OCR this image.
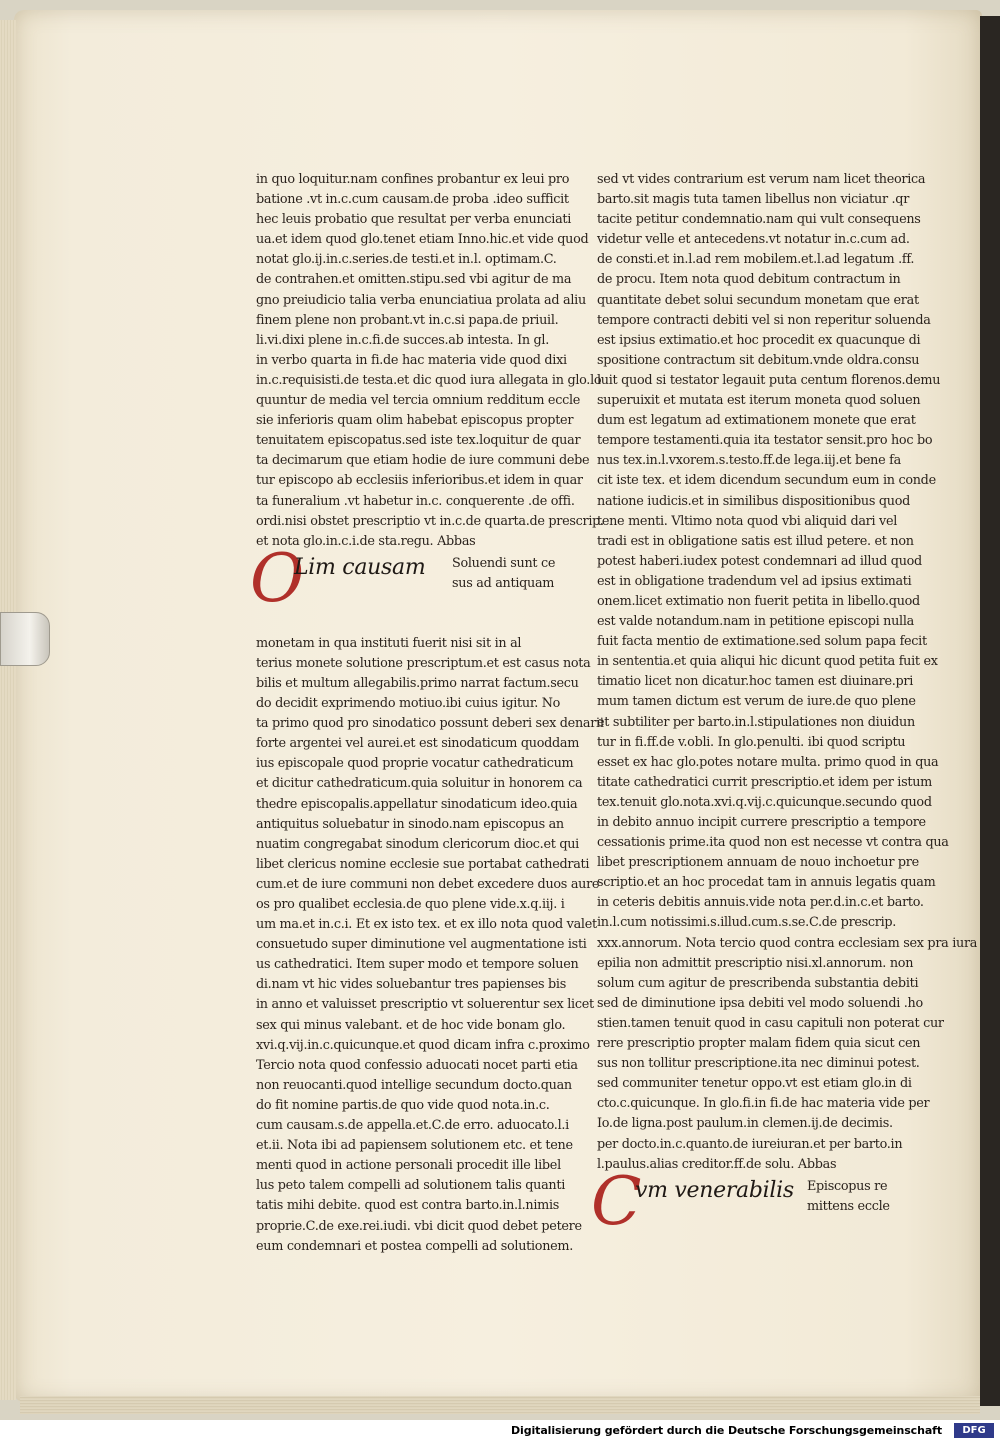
in quo loquitur.nam confines probantur ex leui pro
batione .vt in.c.cum causam.de proba .ideo sufficit
hec leuis probatio que resultat per verba enunciati
ua.et idem quod glo.tenet etiam Inno.hic.et vide quod
notat glo.ij.in.c.series.de testi.et in.l. optimam.C.
de contrahen.et omitten.stipu.sed vbi agitur de ma
gno preiudicio talia verba enunciatiua prolata ad aliu
finem plene non probant.vt in.c.si papa.de priuil.
li.vi.dixi plene in.c.fi.de succes.ab intesta. In gl.
in verbo quarta in fi.de hac materia vide quod dixi
in.c.requisisti.de testa.et dic quod iura allegata in glo.lo
quuntur de media vel tercia omnium redditum eccle
sie inferioris quam olim habebat episcopus propter
tenuitatem episcopatus.sed iste tex.loquitur de quar
ta decimarum que etiam hodie de iure communi debe
tur episcopo ab ecclesiis inferioribus.et idem in quar
ta funeralium .vt habetur in.c. conquerente .de offi.
ordi.nisi obstet prescriptio vt in.c.de quarta.de prescrip.
et nota glo.in.c.i.de sta.regu. Abbas
O
Lim causam Soluendi sunt ce
sus ad antiquam
monetam in qua instituti fuerit nisi sit in al
terius monete solutione prescriptum.et est casus nota
bilis et multum allegabilis.primo narrat factum.secu
do decidit exprimendo motiuo.ibi cuius igitur. No
ta primo quod pro sinodatico possunt deberi sex denarii
forte argentei vel aurei.et est sinodaticum quoddam
ius episcopale quod proprie vocatur cathedraticum
et dicitur cathedraticum.quia soluitur in honorem ca
thedre episcopalis.appellatur sinodaticum ideo.quia
antiquitus soluebatur in sinodo.nam episcopus an
nuatim congregabat sinodum clericorum dioc.et qui
libet clericus nomine ecclesie sue portabat cathedrati
cum.et de iure communi non debet excedere duos aure
os pro qualibet ecclesia.de quo plene vide.x.q.iij. i
um ma.et in.c.i. Et ex isto tex. et ex illo nota quod valet
consuetudo super diminutione vel augmentatione isti
us cathedratici. Item super modo et tempore soluen
di.nam vt hic vides soluebantur tres papienses bis
in anno et valuisset prescriptio vt soluerentur sex licet
sex qui minus valebant. et de hoc vide bonam glo.
xvi.q.vij.in.c.quicunque.et quod dicam infra c.proximo
Tercio nota quod confessio aduocati nocet parti etia
non reuocanti.quod intellige secundum docto.quan
do fit nomine partis.de quo vide quod nota.in.c.
cum causam.s.de appella.et.C.de erro. aduocato.l.i
et.ii. Nota ibi ad papiensem solutionem etc. et tene
menti quod in actione personali procedit ille libel
lus peto talem compelli ad solutionem talis quanti
tatis mihi debite. quod est contra barto.in.l.nimis
proprie.C.de exe.rei.iudi. vbi dicit quod debet petere
eum condemnari et postea compelli ad solutionem.
sed vt vides contrarium est verum nam licet theorica
barto.sit magis tuta tamen libellus non viciatur .qr
tacite petitur condemnatio.nam qui vult consequens
videtur velle et antecedens.vt notatur in.c.cum ad.
de consti.et in.l.ad rem mobilem.et.l.ad legatum .ff.
de procu. Item nota quod debitum contractum in
quantitate debet solui secundum monetam que erat
tempore contracti debiti vel si non reperitur soluenda
est ipsius extimatio.et hoc procedit ex quacunque di
spositione contractum sit debitum.vnde oldra.consu
luit quod si testator legauit puta centum florenos.demu
superuixit et mutata est iterum moneta quod soluen
dum est legatum ad extimationem monete que erat
tempore testamenti.quia ita testator sensit.pro hoc bo
nus tex.in.l.vxorem.s.testo.ff.de lega.iij.et bene fa
cit iste tex. et idem dicendum secundum eum in conde
natione iudicis.et in similibus dispositionibus quod
tene menti. Vltimo nota quod vbi aliquid dari vel
tradi est in obligatione satis est illud petere. et non
potest haberi.iudex potest condemnari ad illud quod
est in obligatione tradendum vel ad ipsius extimati
onem.licet extimatio non fuerit petita in libello.quod
est valde notandum.nam in petitione episcopi nulla
fuit facta mentio de extimatione.sed solum papa fecit
in sententia.et quia aliqui hic dicunt quod petita fuit ex
timatio licet non dicatur.hoc tamen est diuinare.pri
mum tamen dictum est verum de iure.de quo plene
et subtiliter per barto.in.l.stipulationes non diuidun
tur in fi.ff.de v.obli. In glo.penulti. ibi quod scriptu
esset ex hac glo.potes notare multa. primo quod in qua
titate cathedratici currit prescriptio.et idem per istum
tex.tenuit glo.nota.xvi.q.vij.c.quicunque.secundo quod
in debito annuo incipit currere prescriptio a tempore
cessationis prime.ita quod non est necesse vt contra qua
libet prescriptionem annuam de nouo inchoetur pre
scriptio.et an hoc procedat tam in annuis legatis quam
in ceteris debitis annuis.vide nota per.d.in.c.et barto.
in.l.cum notissimi.s.illud.cum.s.se.C.de prescrip.
xxx.annorum. Nota tercio quod contra ecclesiam sex pra iura
epilia non admittit prescriptio nisi.xl.annorum. non
solum cum agitur de prescribenda substantia debiti
sed de diminutione ipsa debiti vel modo soluendi .ho
stien.tamen tenuit quod in casu capituli non poterat cur
rere prescriptio propter malam fidem quia sicut cen
sus non tollitur prescriptione.ita nec diminui potest.
sed communiter tenetur oppo.vt est etiam glo.in di
cto.c.quicunque. In glo.fi.in fi.de hac materia vide per
Io.de ligna.post paulum.in clemen.ij.de decimis.
per docto.in.c.quanto.de iureiuran.et per barto.in
l.paulus.alias creditor.ff.de solu. Abbas
C
vm venerabilis Episcopus re
mittens eccle
Digitalisierung gefördert durch die Deutsche Forschungsgemeinschaft	DFG
